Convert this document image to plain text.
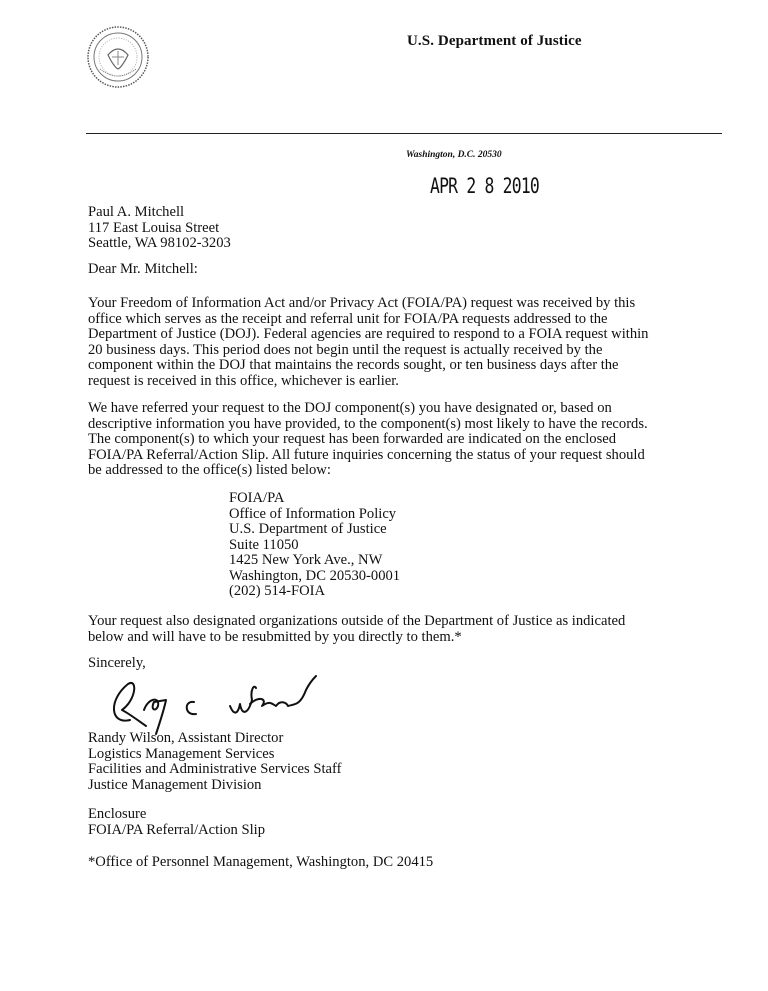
U.S. Department of Justice
Washington, D.C. 20530
APR 2 8 2010
Paul A. Mitchell
117 East Louisa Street
Seattle, WA 98102-3203
Dear Mr. Mitchell:
Your Freedom of Information Act and/or Privacy Act (FOIA/PA) request was received by this
office which serves as the receipt and referral unit for FOIA/PA requests addressed to the
Department of Justice (DOJ). Federal agencies are required to respond to a FOIA request within
20 business days. This period does not begin until the request is actually received by the
component within the DOJ that maintains the records sought, or ten business days after the
request is received in this office, whichever is earlier.
We have referred your request to the DOJ component(s) you have designated or, based on
descriptive information you have provided, to the component(s) most likely to have the records.
The component(s) to which your request has been forwarded are indicated on the enclosed
FOIA/PA Referral/Action Slip. All future inquiries concerning the status of your request should
be addressed to the office(s) listed below:
FOIA/PA
Office of Information Policy
U.S. Department of Justice
Suite 11050
1425 New York Ave., NW
Washington, DC 20530-0001
(202) 514-FOIA
Your request also designated organizations outside of the Department of Justice as indicated
below and will have to be resubmitted by you directly to them.*
Sincerely,
Randy Wilson, Assistant Director
Logistics Management Services
Facilities and Administrative Services Staff
Justice Management Division
Enclosure
FOIA/PA Referral/Action Slip
*Office of Personnel Management, Washington, DC 20415
